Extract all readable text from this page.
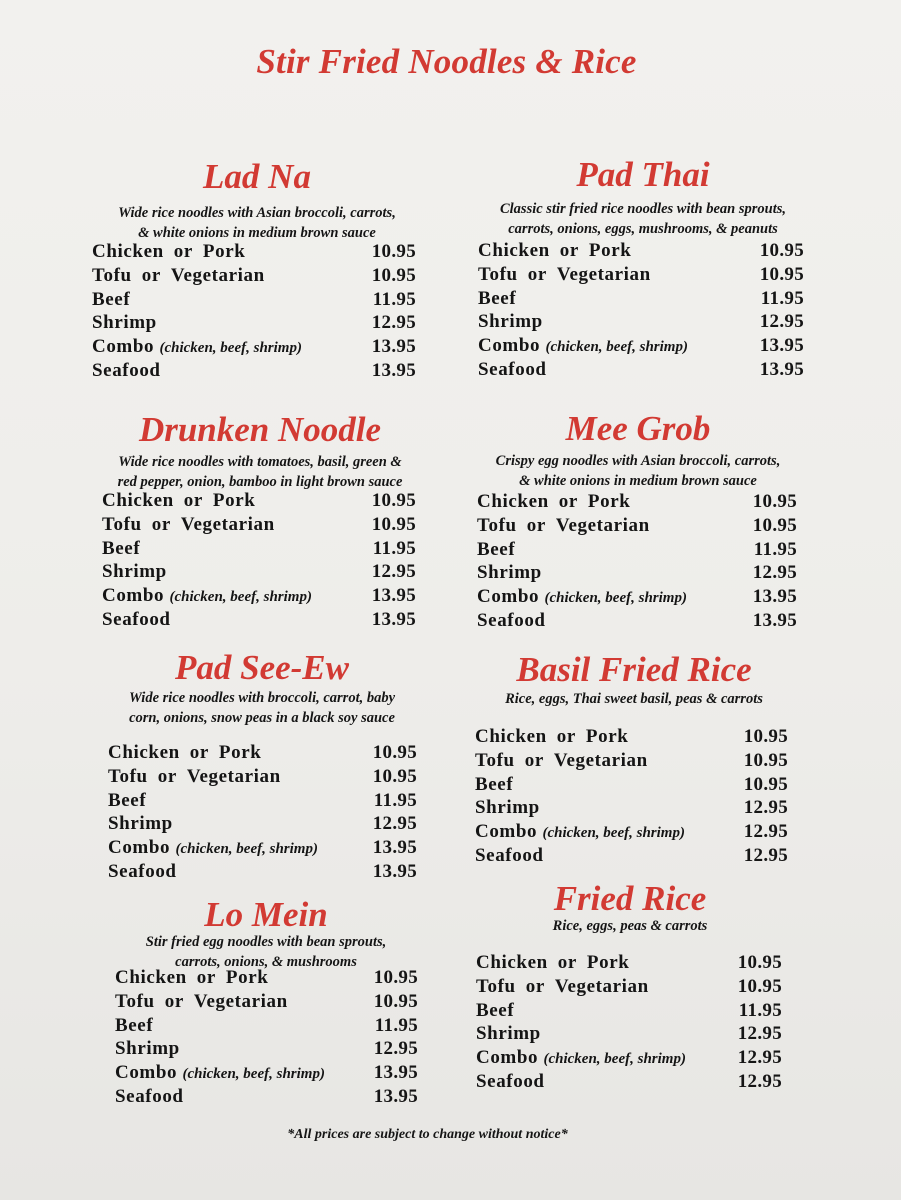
Stir Fried Noodles & Rice
Lad Na
Wide rice noodles with Asian broccoli, carrots,
& white onions in medium brown sauce
Chicken or Pork	10.95
Tofu or Vegetarian	10.95
Beef	11.95
Shrimp	12.95
Combo (chicken, beef, shrimp)	13.95
Seafood	13.95
Pad Thai
Classic stir fried rice noodles with bean sprouts,
carrots, onions, eggs, mushrooms, & peanuts
Chicken or Pork	10.95
Tofu or Vegetarian	10.95
Beef	11.95
Shrimp	12.95
Combo (chicken, beef, shrimp)	13.95
Seafood	13.95
Drunken Noodle
Wide rice noodles with tomatoes, basil, green &
red pepper, onion, bamboo in light brown sauce
Chicken or Pork	10.95
Tofu or Vegetarian	10.95
Beef	11.95
Shrimp	12.95
Combo (chicken, beef, shrimp)	13.95
Seafood	13.95
Mee Grob
Crispy egg noodles with Asian broccoli, carrots,
& white onions in medium brown sauce
Chicken or Pork	10.95
Tofu or Vegetarian	10.95
Beef	11.95
Shrimp	12.95
Combo (chicken, beef, shrimp)	13.95
Seafood	13.95
Pad See-Ew
Wide rice noodles with broccoli, carrot, baby
corn, onions, snow peas in a black soy sauce
Chicken or Pork	10.95
Tofu or Vegetarian	10.95
Beef	11.95
Shrimp	12.95
Combo (chicken, beef, shrimp)	13.95
Seafood	13.95
Basil Fried Rice
Rice, eggs, Thai sweet basil, peas & carrots
Chicken or Pork	10.95
Tofu or Vegetarian	10.95
Beef	10.95
Shrimp	12.95
Combo (chicken, beef, shrimp)	12.95
Seafood	12.95
Lo Mein
Stir fried egg noodles with bean sprouts,
carrots, onions, & mushrooms
Chicken or Pork	10.95
Tofu or Vegetarian	10.95
Beef	11.95
Shrimp	12.95
Combo (chicken, beef, shrimp)	13.95
Seafood	13.95
Fried Rice
Rice, eggs, peas & carrots
Chicken or Pork	10.95
Tofu or Vegetarian	10.95
Beef	11.95
Shrimp	12.95
Combo (chicken, beef, shrimp)	12.95
Seafood	12.95

*All prices are subject to change without notice*
